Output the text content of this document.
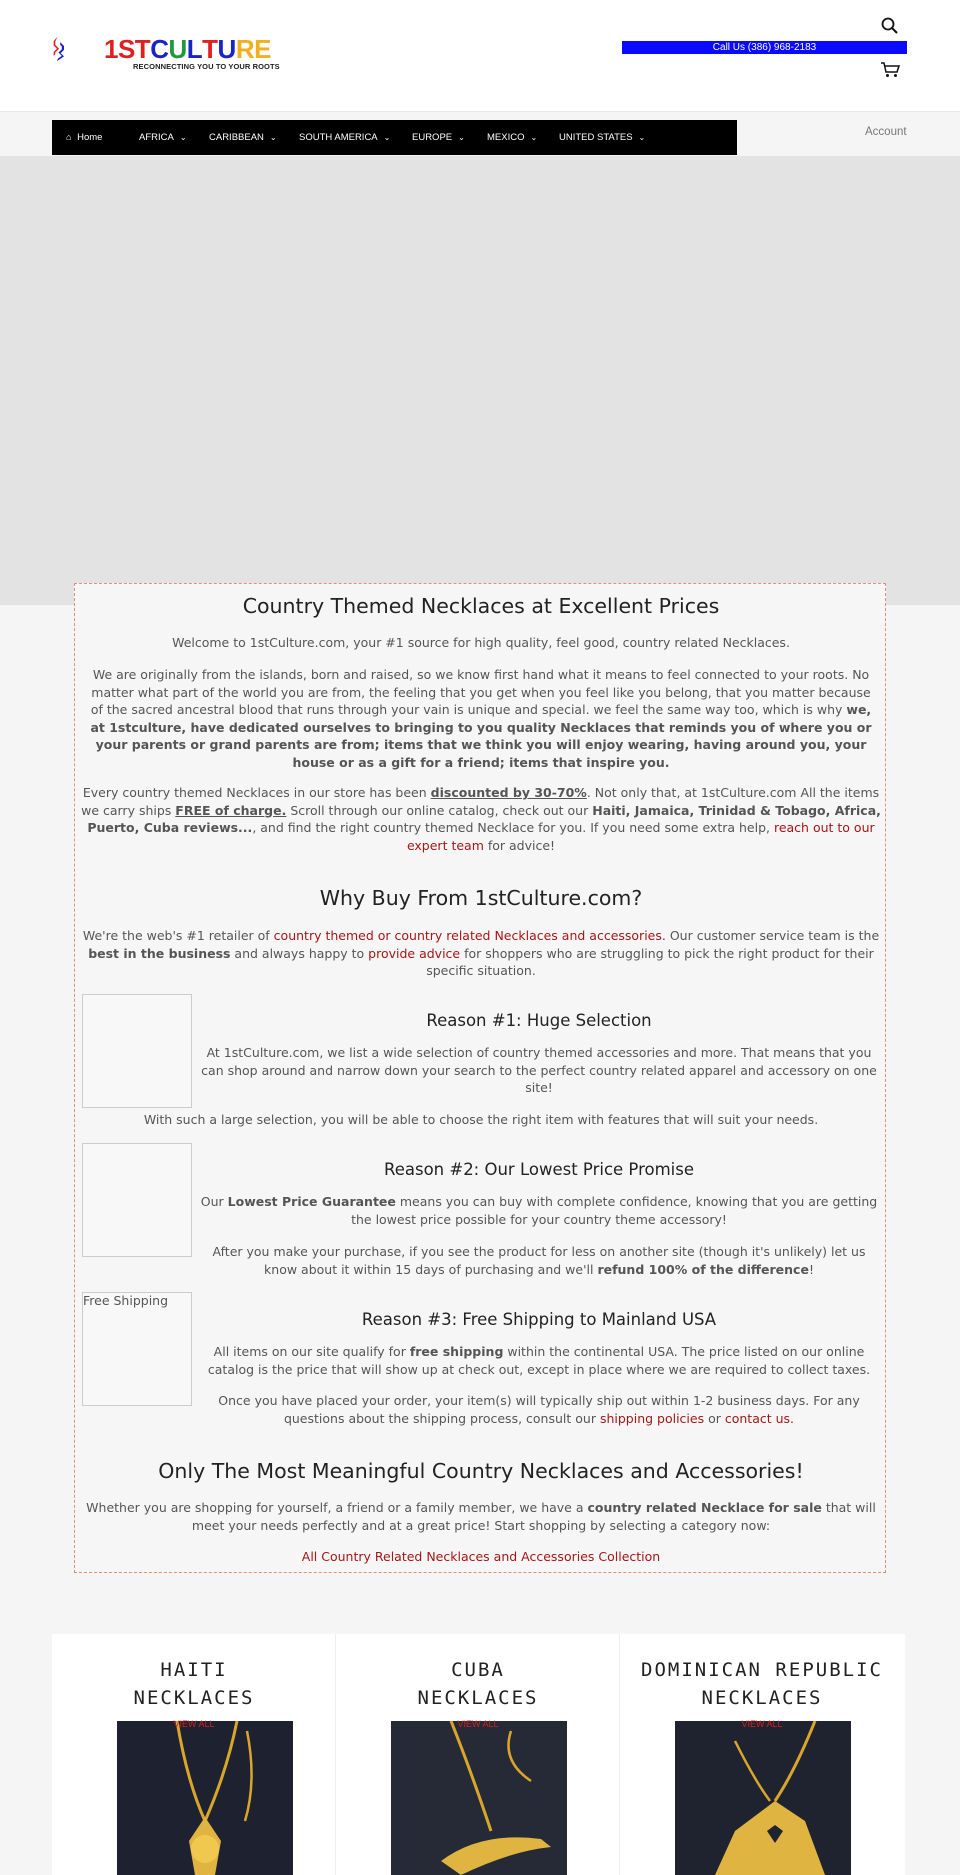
1STCULTURE
RECONNECTING YOU TO YOUR ROOTS
Call Us (386) 968-2183
⌂ Home	AFRICA ⌄ CARIBBEAN ⌄ SOUTH AMERICA ⌄ EUROPE ⌄ MEXICO ⌄ UNITED STATES ⌄	Account
Country Themed Necklaces at Excellent Prices

Welcome to 1stCulture.com, your #1 source for high quality, feel good, country related Necklaces.

We are originally from the islands, born and raised, so we know first hand what it means to feel connected to your roots. No matter what part of the world you are from, the feeling that you get when you feel like you belong, that you matter because of the sacred ancestral blood that runs through your vain is unique and special. we feel the same way too, which is why we, at 1stculture, have dedicated ourselves to bringing to you quality Necklaces that reminds you of where you or your parents or grand parents are from; items that we think you will enjoy wearing, having around you, your house or as a gift for a friend; items that inspire you.

Every country themed Necklaces in our store has been discounted by 30-70%. Not only that, at 1stCulture.com All the items we carry ships FREE of charge. Scroll through our online catalog, check out our Haiti, Jamaica, Trinidad & Tobago, Africa, Puerto, Cuba reviews..., and find the right country themed Necklace for you. If you need some extra help, reach out to our expert team for advice!

Why Buy From 1stCulture.com?

We're the web's #1 retailer of country themed or country related Necklaces and accessories. Our customer service team is the best in the business and always happy to provide advice for shoppers who are struggling to pick the right product for their specific situation.

Reason #1: Huge Selection

At 1stCulture.com, we list a wide selection of country themed accessories and more. That means that you can shop around and narrow down your search to the perfect country related apparel and accessory on one site!

With such a large selection, you will be able to choose the right item with features that will suit your needs.

Reason #2: Our Lowest Price Promise

Our Lowest Price Guarantee means you can buy with complete confidence, knowing that you are getting the lowest price possible for your country theme accessory!

After you make your purchase, if you see the product for less on another site (though it's unlikely) let us know about it within 15 days of purchasing and we'll refund 100% of the difference!

Free Shipping
Reason #3: Free Shipping to Mainland USA

All items on our site qualify for free shipping within the continental USA. The price listed on our online catalog is the price that will show up at check out, except in place where we are required to collect taxes.

Once you have placed your order, your item(s) will typically ship out within 1-2 business days. For any questions about the shipping process, consult our shipping policies or contact us.

Only The Most Meaningful Country Necklaces and Accessories!

Whether you are shopping for yourself, a friend or a family member, we have a country related Necklace for sale that will meet your needs perfectly and at a great price! Start shopping by selecting a category now:

All Country Related Necklaces and Accessories Collection

HAITI
NECKLACES
VIEW ALL
CUBA
NECKLACES
VIEW ALL
DOMINICAN REPUBLIC
NECKLACES
VIEW ALL
